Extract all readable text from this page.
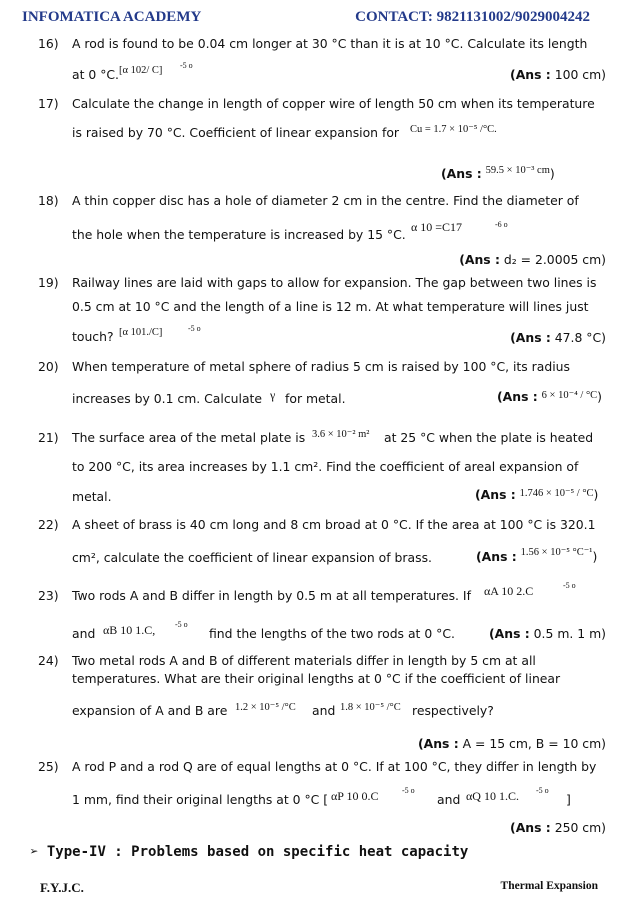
INFOMATICA ACADEMY	CONTACT: 9821131002/9029004242
16) A rod is found to be 0.04 cm longer at 30 °C than it is at 10 °C. Calculate its length
at 0 °C. [α 102/ C] -5 o
(Ans : 100 cm)
17) Calculate the change in length of copper wire of length 50 cm when its temperature
is raised by 70 °C. Coefficient of linear expansion for Cu = 1.7 × 10⁻⁵ /°C.
(Ans : $^{59.5 \times 10^{-3} cm}$)
18) A thin copper disc has a hole of diameter 2 cm in the centre. Find the diameter of
the hole when the temperature is increased by 15 °C. α 10 =C17	-6 o
(Ans : d₂ = 2.0005 cm)
19) Railway lines are laid with gaps to allow for expansion. The gap between two lines is
0.5 cm at 10 °C and the length of a line is 12 m. At what temperature will lines just
touch? [α 101./C]	-5 o
(Ans : 47.8 °C)
20) When temperature of metal sphere of radius 5 cm is raised by 100 °C, its radius
increases by 0.1 cm. Calculate γ for metal.	(Ans : $^{6 \times 10^{-4} / ^\circ C}$)
21) The surface area of the metal plate is 3.6 × 10⁻² m² at 25 °C when the plate is heated
to 200 °C, its area increases by 1.1 cm². Find the coefficient of areal expansion of
metal.	(Ans : $^{1.746 \times 10^{-5} / ^\circ C}$)
22) A sheet of brass is 40 cm long and 8 cm broad at 0 °C. If the area at 100 °C is 320.1
cm², calculate the coefficient of linear expansion of brass.	(Ans : $^{1.56 \times 10^{-5} ^\circ C^{-1}}$)
23) Two rods A and B differ in length by 0.5 m at all temperatures. If αA 10 2.C	-5 o
and αB 10 1.C, -5 o
find the lengths of the two rods at 0 °C.	(Ans : 0.5 m. 1 m)
24) Two metal rods A and B of different materials differ in length by 5 cm at all
temperatures. What are their original lengths at 0 °C if the coefficient of linear
expansion of A and B are 1.2 × 10⁻⁵ /°C and 1.8 × 10⁻⁵ /°C respectively?
(Ans : A = 15 cm, B = 10 cm)
25) A rod P and a rod Q are of equal lengths at 0 °C. If at 100 °C, they differ in length by
1 mm, find their original lengths at 0 °C [ αP 10 0.C	-5 o
and αQ 10 1.C. -5 o
]
(Ans : 250 cm)
➢ Type-IV : Problems based on specific heat capacity
F.Y.J.C.	Thermal Expansion
